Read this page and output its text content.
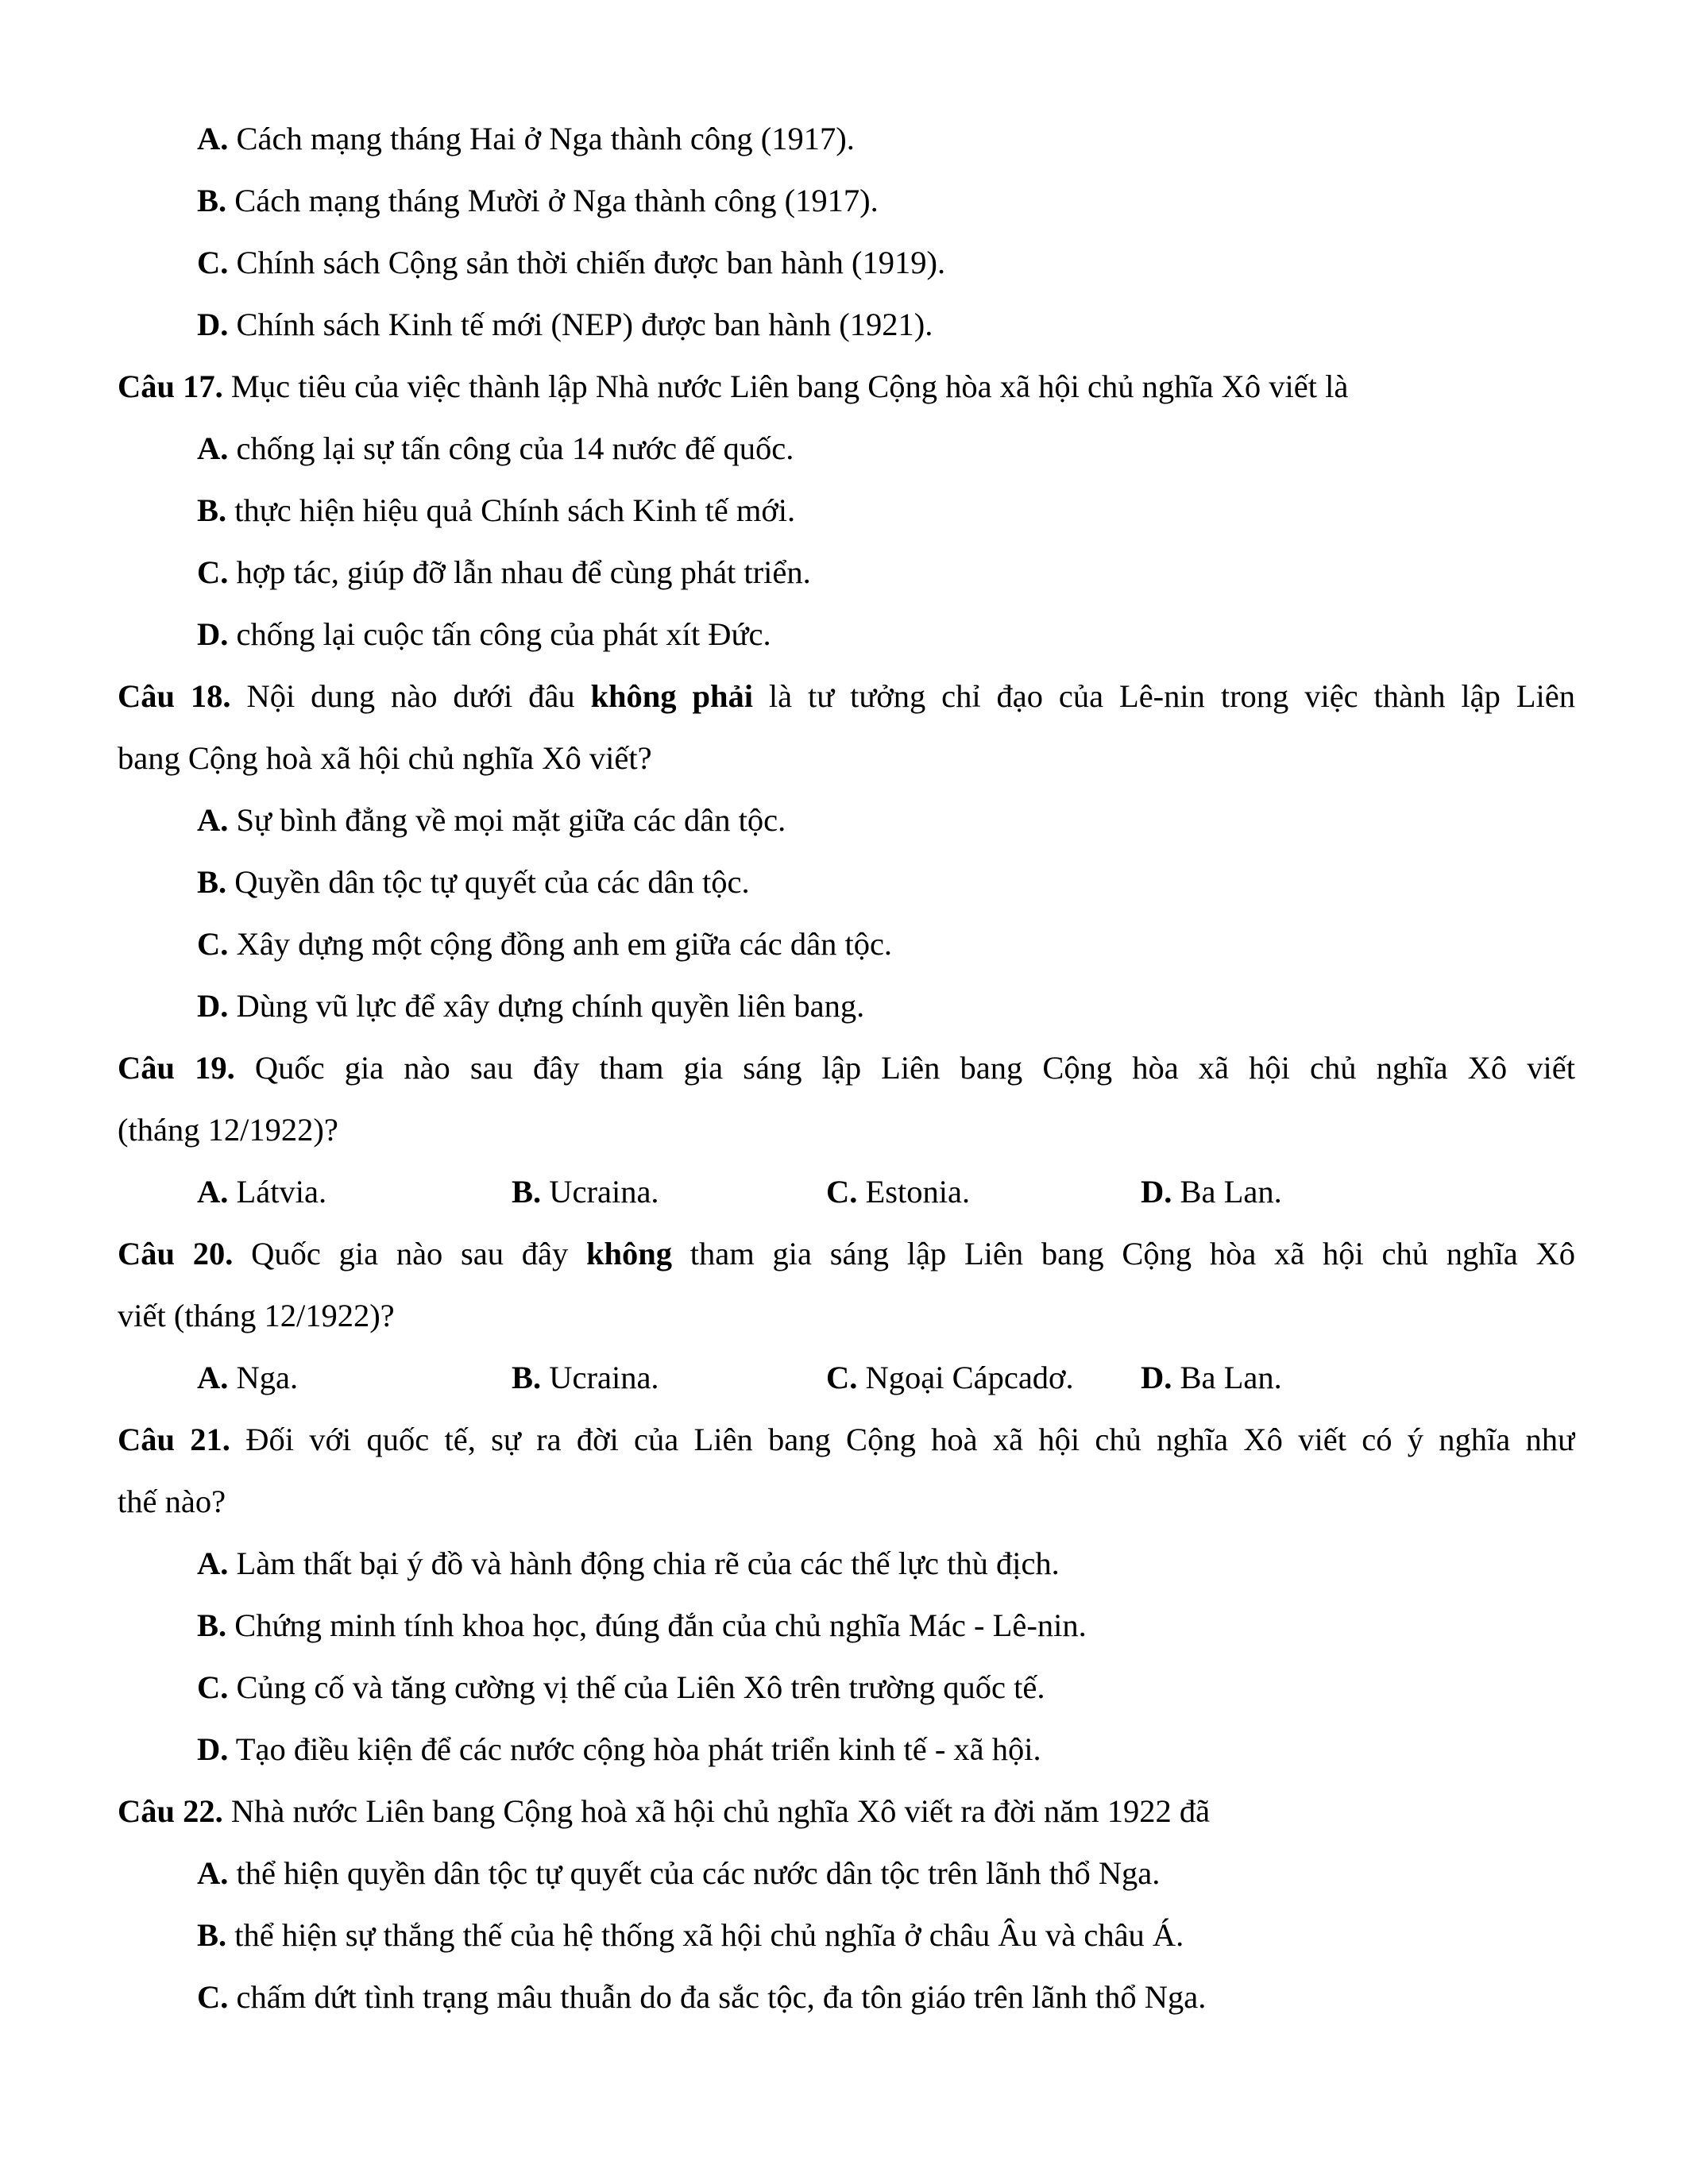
A. Cách mạng tháng Hai ở Nga thành công (1917).
B. Cách mạng tháng Mười ở Nga thành công (1917).
C. Chính sách Cộng sản thời chiến được ban hành (1919).
D. Chính sách Kinh tế mới (NEP) được ban hành (1921).
Câu 17. Mục tiêu của việc thành lập Nhà nước Liên bang Cộng hòa xã hội chủ nghĩa Xô viết là
A. chống lại sự tấn công của 14 nước đế quốc.
B. thực hiện hiệu quả Chính sách Kinh tế mới.
C. hợp tác, giúp đỡ lẫn nhau để cùng phát triển.
D. chống lại cuộc tấn công của phát xít Đức.
Câu 18. Nội dung nào dưới đâu không phải là tư tưởng chỉ đạo của Lê-nin trong việc thành lập Liên
bang Cộng hoà xã hội chủ nghĩa Xô viết?
A. Sự bình đẳng về mọi mặt giữa các dân tộc.
B. Quyền dân tộc tự quyết của các dân tộc.
C. Xây dựng một cộng đồng anh em giữa các dân tộc.
D. Dùng vũ lực để xây dựng chính quyền liên bang.
Câu 19. Quốc gia nào sau đây tham gia sáng lập Liên bang Cộng hòa xã hội chủ nghĩa Xô viết
(tháng 12/1922)?
A. Látvia.	B. Ucraina.	C. Estonia.	D. Ba Lan.
Câu 20. Quốc gia nào sau đây không tham gia sáng lập Liên bang Cộng hòa xã hội chủ nghĩa Xô
viết (tháng 12/1922)?
A. Nga.	B. Ucraina.	C. Ngoại Cápcadơ.	D. Ba Lan.
Câu 21. Đối với quốc tế, sự ra đời của Liên bang Cộng hoà xã hội chủ nghĩa Xô viết có ý nghĩa như
thế nào?
A. Làm thất bại ý đồ và hành động chia rẽ của các thế lực thù địch.
B. Chứng minh tính khoa học, đúng đắn của chủ nghĩa Mác - Lê-nin.
C. Củng cố và tăng cường vị thế của Liên Xô trên trường quốc tế.
D. Tạo điều kiện để các nước cộng hòa phát triển kinh tế - xã hội.
Câu 22. Nhà nước Liên bang Cộng hoà xã hội chủ nghĩa Xô viết ra đời năm 1922 đã
A. thể hiện quyền dân tộc tự quyết của các nước dân tộc trên lãnh thổ Nga.
B. thể hiện sự thắng thế của hệ thống xã hội chủ nghĩa ở châu Âu và châu Á.
C. chấm dứt tình trạng mâu thuẫn do đa sắc tộc, đa tôn giáo trên lãnh thổ Nga.
